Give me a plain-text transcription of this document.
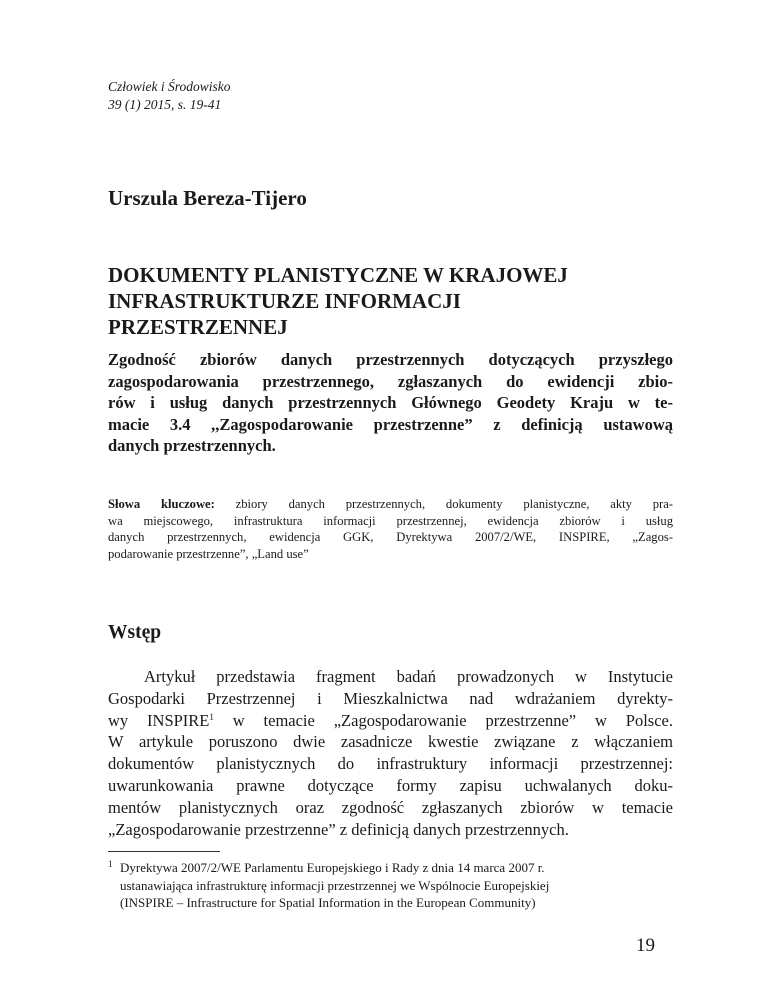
Człowiek i Środowisko
39 (1) 2015, s. 19-41
Urszula Bereza-Tijero
DOKUMENTY PLANISTYCZNE W KRAJOWEJ
INFRASTRUKTURZE INFORMACJI
PRZESTRZENNEJ
Zgodność zbiorów danych przestrzennych dotyczących przyszłego
zagospodarowania przestrzennego, zgłaszanych do ewidencji zbio-
rów i usług danych przestrzennych Głównego Geodety Kraju w te-
macie 3.4 ,,Zagospodarowanie przestrzenne” z definicją ustawową
danych przestrzennych.
Słowa kluczowe: zbiory danych przestrzennych, dokumenty planistyczne, akty pra-
wa miejscowego, infrastruktura informacji przestrzennej, ewidencja zbiorów i usług
danych przestrzennych, ewidencja GGK, Dyrektywa 2007/2/WE, INSPIRE, „Zagos-
podarowanie przestrzenne”, „Land use”
Wstęp
Artykuł przedstawia fragment badań prowadzonych w Instytucie
Gospodarki Przestrzennej i Mieszkalnictwa nad wdrażaniem dyrekty-
wy INSPIRE$^1$ w temacie „Zagospodarowanie przestrzenne” w Polsce.
W artykule poruszono dwie zasadnicze kwestie związane z włączaniem
dokumentów planistycznych do infrastruktury informacji przestrzennej:
uwarunkowania prawne dotyczące formy zapisu uchwalanych doku-
mentów planistycznych oraz zgodność zgłaszanych zbiorów w temacie
„Zagospodarowanie przestrzenne” z definicją danych przestrzennych.
1 Dyrektywa 2007/2/WE Parlamentu Europejskiego i Rady z dnia 14 marca 2007 r.
ustanawiająca infrastrukturę informacji przestrzennej we Wspólnocie Europejskiej
(INSPIRE – Infrastructure for Spatial Information in the European Community)
19
